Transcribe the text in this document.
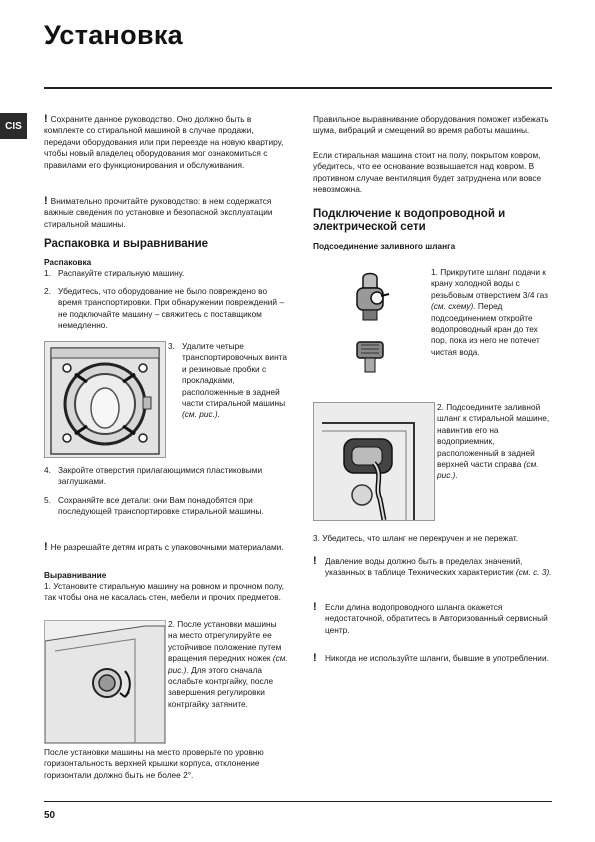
Установка
CIS
! Сохраните данное руководство. Оно должно быть в комплекте со стиральной машиной в случае продажи, передачи оборудования или при переезде на новую квартиру, чтобы новый владелец оборудования мог ознакомиться с правилами его функционирования и обслуживания.
! Внимательно прочитайте руководство: в нем содержатся важные сведения по установке и безопасной эксплуатации стиральной машины.
Распаковка и выравнивание
Распаковка
1. Распакуйте стиральную машину.
2. Убедитесь, что оборудование не было повреждено во время транспортировки. При обнаружении повреждений – не подключайте машину – свяжитесь с поставщиком немедленно.
3. Удалите четыре транспортировочных винта и резиновые пробки с прокладками, расположенные в задней части стиральной машины (см. рис.).
4. Закройте отверстия прилагающимися пластиковыми заглушками.
5. Сохраняйте все детали: они Вам понадобятся при последующей транспортировке стиральной машины.
! Не разрешайте детям играть с упаковочными материалами.
Выравнивание
1. Установите стиральную машину на ровном и прочном полу, так чтобы она не касалась стен, мебели и прочих предметов.
2. После установки машины на место отрегулируйте ее устойчивое положение путем вращения передних ножек (см. рис.). Для этого сначала ослабьте контргайку, после завершения регулировки контргайку затяните.
После установки машины на место проверьте по уровню горизонтальность верхней крышки корпуса, отклонение горизонтали должно быть не более 2°.
Правильное выравнивание оборудования поможет избежать шума, вибраций и смещений во время работы машины.
Если стиральная машина стоит на полу, покрытом ковром, убедитесь, что ее основание возвышается над ковром. В противном случае вентиляция будет затруднена или вовсе невозможна.
Подключение к водопроводной и электрической сети
Подсоединение заливного шланга
1. Прикрутите шланг подачи к крану холодной воды с резьбовым отверстием 3/4 газ (см. схему). Перед подсоединением откройте водопроводный кран до тех пор, пока из него не потечет чистая вода.
2. Подсоедините заливной шланг к стиральной машине, навинтив его на водоприемник, расположенный в задней верхней части справа (см. рис.).
3. Убедитесь, что шланг не перекручен и не пережат.
! Давление воды должно быть в пределах значений, указанных в таблице Технических характеристик (см. с. 3).
! Если длина водопроводного шланга окажется недостаточной, обратитесь в Авторизованный сервисный центр.
! Никогда не используйте шланги, бывшие в употреблении.
50
